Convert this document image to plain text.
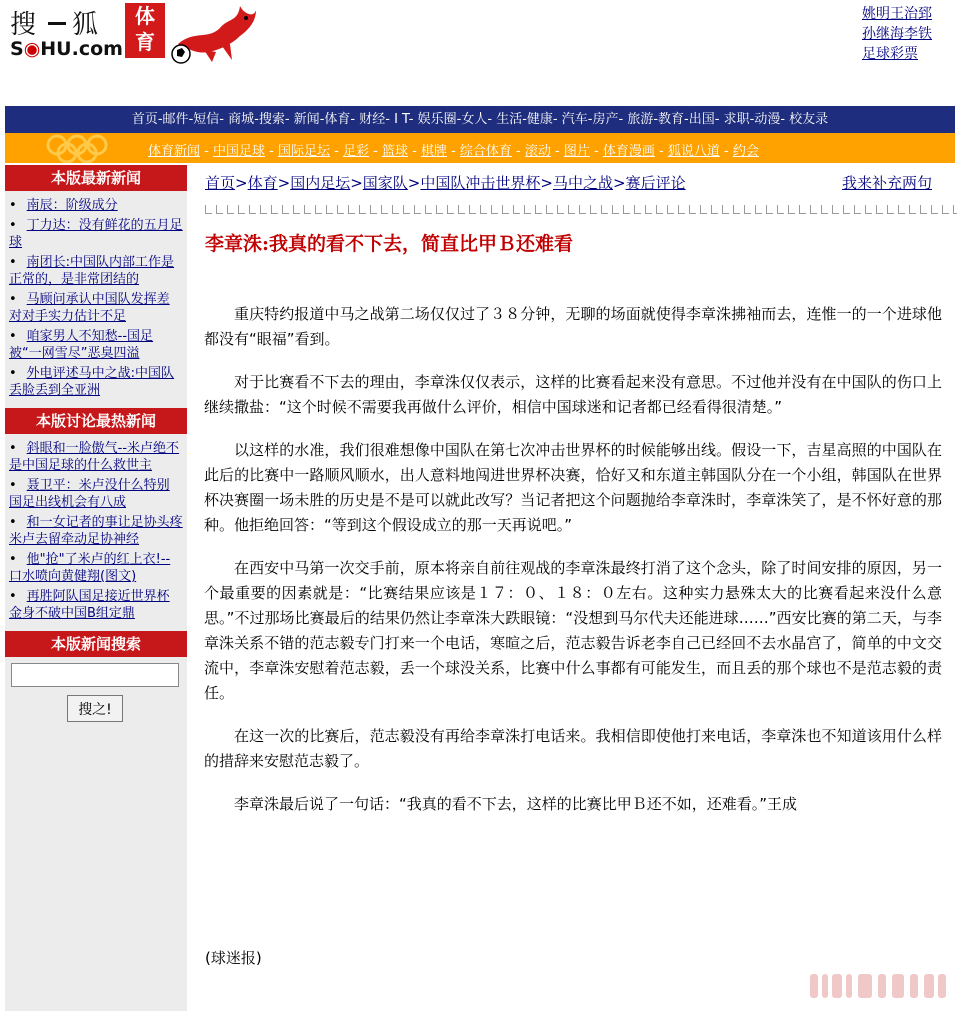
搜 狐
S◉HU.com
体
育
姚明王治郅
孙继海李铁
足球彩票
首页-邮件-短信- 商城-搜索- 新闻-体育- 财经- I T- 娱乐圈-女人- 生活-健康- 汽车-房产- 旅游-教育-出国- 求职-动漫- 校友录
体育新闻 - 中国足球 - 国际足坛 - 足彩 - 篮球 - 棋牌 - 综合体育 - 滚动 - 图片 - 体育漫画 - 狐说八道 - 约会
本版最新新闻
• 南辰：阶级成分
• 丁力达：没有鲜花的五月足球
• 南团长:中国队内部工作是正常的，是非常团结的
• 马顾问承认中国队发挥差 对对手实力估计不足
• 咱家男人不知愁--国足被“一网雪尽”恶臭四溢
• 外电评述马中之战:中国队丢脸丢到全亚洲
本版讨论最热新闻
• 斜眼和一脸傲气--米卢绝不是中国足球的什么救世主
• 聂卫平：米卢没什么特别 国足出线机会有八成
• 和一女记者的事让足协头疼 米卢去留牵动足协神经
• 他"抢"了米卢的红上衣!--口水喷向黄健翔(图文)
• 再胜阿队国足接近世界杯 金身不破中国B组定鼎
本版新闻搜索
搜之!
首页>体育>国内足坛>国家队>中国队冲击世界杯>马中之战>赛后评论	我来补充两句
李章洙:我真的看不下去，简直比甲Ｂ还难看

重庆特约报道中马之战第二场仅仅过了３８分钟，无聊的场面就使得李章洙拂袖而去，连惟一的一个进球他都没有“眼福”看到。

对于比赛看不下去的理由，李章洙仅仅表示，这样的比赛看起来没有意思。不过他并没有在中国队的伤口上继续撒盐：“这个时候不需要我再做什么评价，相信中国球迷和记者都已经看得很清楚。”

以这样的水准，我们很难想像中国队在第七次冲击世界杯的时候能够出线。假设一下，吉星高照的中国队在此后的比赛中一路顺风顺水，出人意料地闯进世界杯决赛，恰好又和东道主韩国队分在一个小组，韩国队在世界杯决赛圈一场未胜的历史是不是可以就此改写？当记者把这个问题抛给李章洙时，李章洙笑了，是不怀好意的那种。他拒绝回答：“等到这个假设成立的那一天再说吧。”

在西安中马第一次交手前，原本将亲自前往观战的李章洙最终打消了这个念头，除了时间安排的原因，另一个最重要的因素就是：“比赛结果应该是１７：０、１８：０左右。这种实力悬殊太大的比赛看起来没什么意思。”不过那场比赛最后的结果仍然让李章洙大跌眼镜：“没想到马尔代夫还能进球……”西安比赛的第二天，与李章洙关系不错的范志毅专门打来一个电话，寒暄之后，范志毅告诉老李自己已经回不去水晶宫了，简单的中文交流中，李章洙安慰着范志毅，丢一个球没关系，比赛中什么事都有可能发生，而且丢的那个球也不是范志毅的责任。

在这一次的比赛后，范志毅没有再给李章洙打电话来。我相信即使他打来电话，李章洙也不知道该用什么样的措辞来安慰范志毅了。

李章洙最后说了一句话：“我真的看不下去，这样的比赛比甲Ｂ还不如，还难看。”王成

(球迷报)
